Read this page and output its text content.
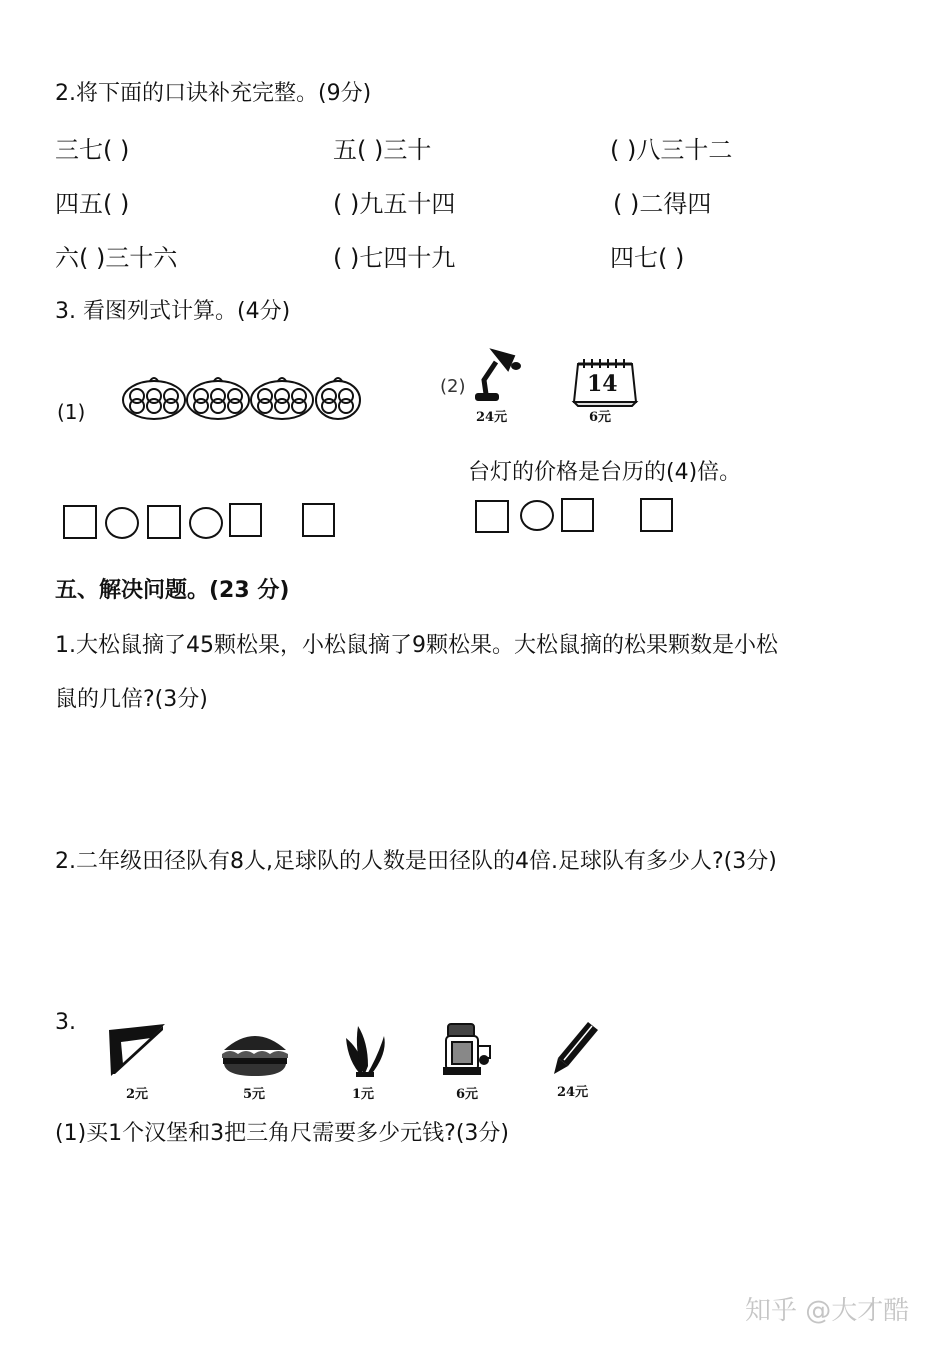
2.将下面的口诀补充完整。(9分)
三七( )	五( )三十	( )八三十二
四五( )	( )九五十四	( )二得四
六( )三十六	( )七四十九	四七( )
3. 看图列式计算。(4分)
(1)
(2)
24元
14
6元
台灯的价格是台历的(4)倍。
五、解决问题。(23 分)
1.大松鼠摘了45颗松果，小松鼠摘了9颗松果。大松鼠摘的松果颗数是小松
鼠的几倍?(3分)
2.二年级田径队有8人,足球队的人数是田径队的4倍.足球队有多少人?(3分)
3.
2元	5元	1元	6元	24元
(1)买1个汉堡和3把三角尺需要多少元钱?(3分)
知乎 @大才酷
